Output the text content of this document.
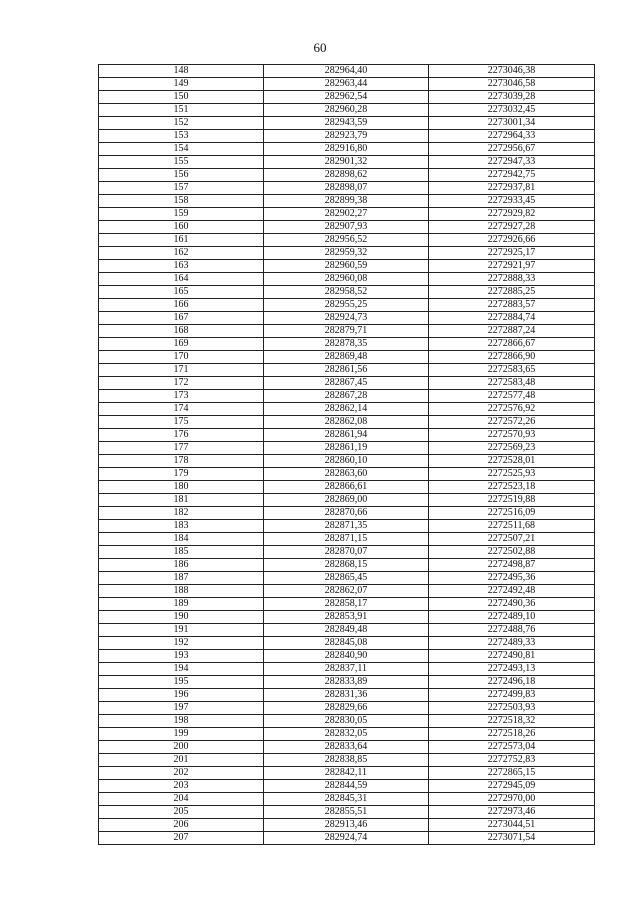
60
148	282964,40	2273046,38
149	282963,44	2273046,58
150	282962,54	2273039,28
151	282960,28	2273032,45
152	282943,59	2273001,34
153	282923,79	2272964,33
154	282916,80	2272956,67
155	282901,32	2272947,33
156	282898,62	2272942,75
157	282898,07	2272937,81
158	282899,38	2272933,45
159	282902,27	2272929,82
160	282907,93	2272927,28
161	282956,52	2272926,66
162	282959,32	2272925,17
163	282960,59	2272921,97
164	282960,08	2272888,33
165	282958,52	2272885,25
166	282955,25	2272883,57
167	282924,73	2272884,74
168	282879,71	2272887,24
169	282878,35	2272866,67
170	282869,48	2272866,90
171	282861,56	2272583,65
172	282867,45	2272583,48
173	282867,28	2272577,48
174	282862,14	2272576,92
175	282862,08	2272572,26
176	282861,94	2272570,93
177	282861,19	2272569,23
178	282860,10	2272528,01
179	282863,60	2272525,93
180	282866,61	2272523,18
181	282869,00	2272519,88
182	282870,66	2272516,09
183	282871,35	2272511,68
184	282871,15	2272507,21
185	282870,07	2272502,88
186	282868,15	2272498,87
187	282865,45	2272495,36
188	282862,07	2272492,48
189	282858,17	2272490,36
190	282853,91	2272489,10
191	282849,48	2272488,76
192	282845,08	2272489,33
193	282840,90	2272490,81
194	282837,11	2272493,13
195	282833,89	2272496,18
196	282831,36	2272499,83
197	282829,66	2272503,93
198	282830,05	2272518,32
199	282832,05	2272518,26
200	282833,64	2272573,04
201	282838,85	2272752,83
202	282842,11	2272865,15
203	282844,59	2272945,09
204	282845,31	2272970,00
205	282855,51	2272973,46
206	282913,46	2273044,51
207	282924,74	2273071,54
